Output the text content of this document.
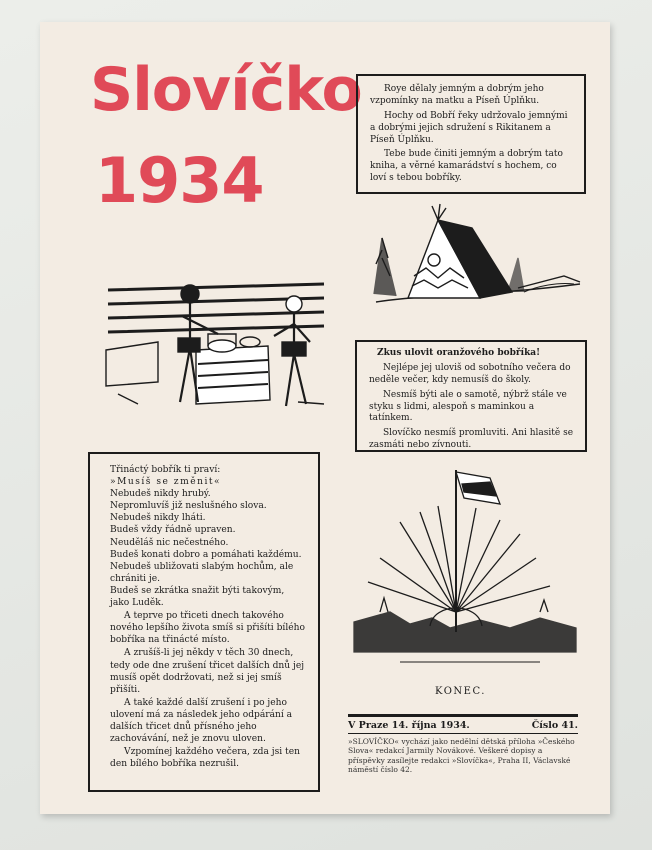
Slovíčko
1934

Roye dělaly jemným a dobrým jeho vzpomínky na matku a Píseň Úplňku.

Hochy od Bobří řeky udržovalo jemnými a dobrými jejich sdružení s Rikitanem a Píseň Úplňku.

Tebe bude činiti jemným a dobrým tato kniha, a věrné kamarádství s hochem, co loví s tebou bobříky.

Zkus ulovit oranžového bobříka!

Nejlépe jej uloviš od sobotního večera do neděle večer, kdy nemusíš do školy.

Nesmíš býti ale o samotě, nýbrž stále ve styku s lidmi, alespoň s maminkou a tatínkem.

Slovíčko nesmíš promluviti. Ani hlasitě se zasmáti nebo zívnouti.

Třináctý bobřík ti praví:

»Musíš se změnit«

Nebudeš nikdy hrubý.

Nepromluvíš již neslušného slova.

Nebudeš nikdy lháti.

Budeš vždy řádně upraven.

Neuděláš nic nečestného.

Budeš konati dobro a pomáhati každému.

Nebudeš ubližovati slabým hochům, ale chrániti je.

Budeš se zkrátka snažit býti takovým, jako Luděk.

A teprve po třiceti dnech takového nového lepšího života smíš si přišíti bílého bobříka na třinácté místo.

A zrušíš-li jej někdy v těch 30 dnech, tedy ode dne zrušení třicet dalších dnů jej musíš opět dodržovati, než si jej smíš přišíti.

A také každé další zrušení i po jeho ulovení má za následek jeho odpárání a dalších třicet dnů přísného jeho zachovávání, než je znovu uloven.

Vzpomínej každého večera, zda jsi ten den bílého bobříka nezrušil.

KONEC.
V Praze 14. října 1934.	Číslo 41.
»SLOVÍČKO« vychází jako nedělní dětská příloha »Českého Slova« redakcí Jarmily Novákové. Veškeré dopisy a příspěvky zasílejte redakci »Slovíčka«, Praha II, Václavské náměstí číslo 42.
